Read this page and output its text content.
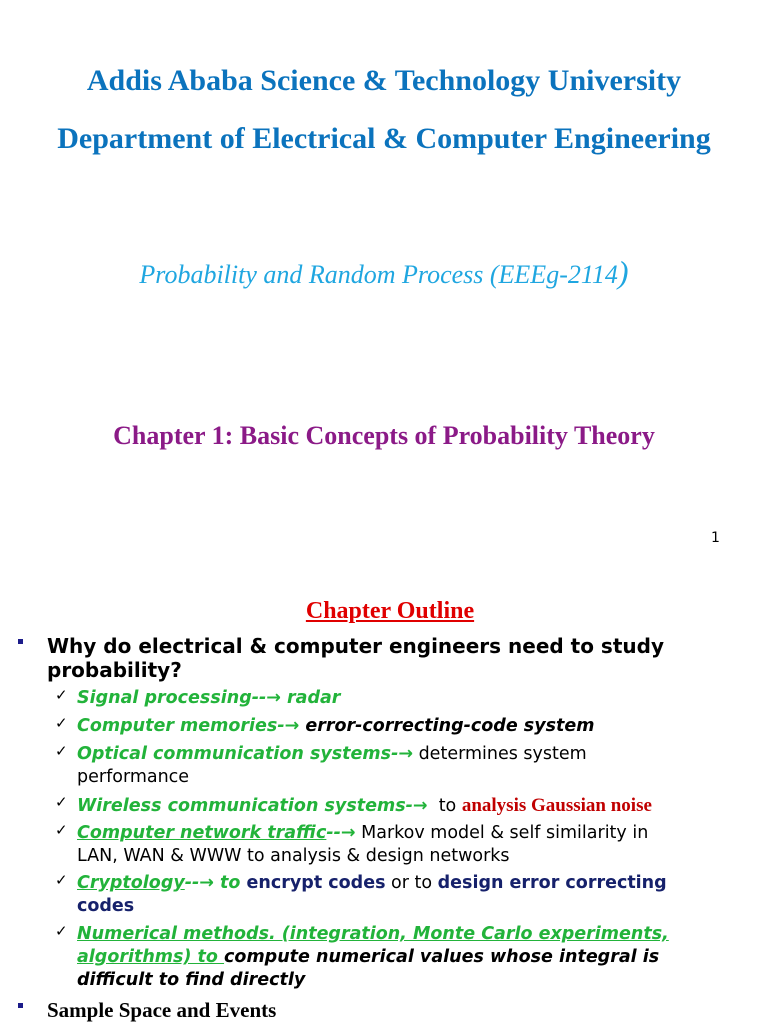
Addis Ababa Science & Technology University
Department of Electrical & Computer Engineering
Probability and Random Process (EEEg-2114)
Chapter 1: Basic Concepts of Probability Theory
1
Chapter Outline
Why do electrical & computer engineers need to study
probability?
✓ Signal processing--→ radar
✓ Computer memories-→ error-correcting-code system
✓ Optical communication systems-→ determines system
performance
✓ Wireless communication systems-→  to analysis Gaussian noise
✓ Computer network traffic--→ Markov model & self similarity in
LAN, WAN & WWW to analysis & design networks
✓ Cryptology--→ to encrypt codes or to design error correcting
codes
✓ Numerical methods. (integration, Monte Carlo experiments,
algorithms) to compute numerical values whose integral is
difficult to find directly
Sample Space and Events
